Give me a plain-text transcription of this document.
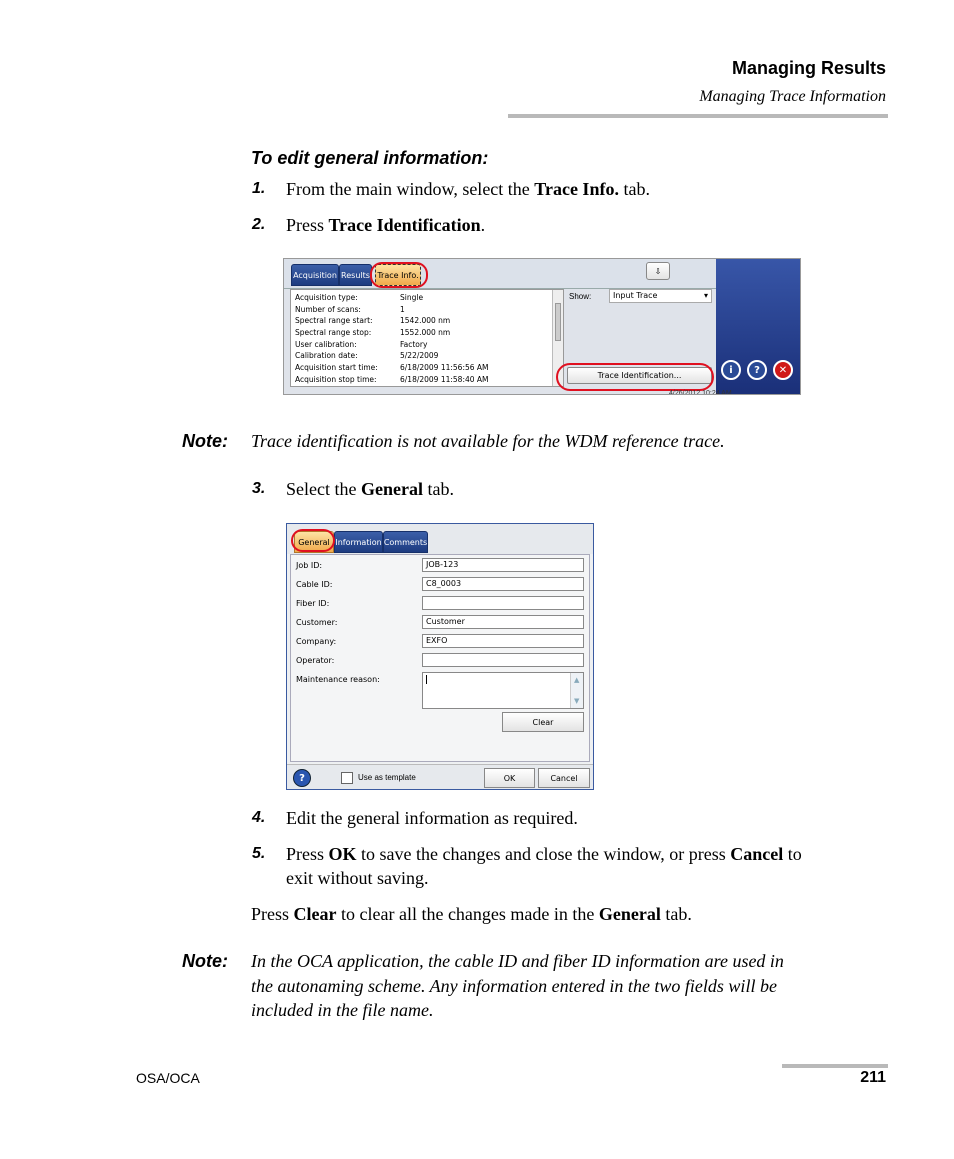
Managing Results
Managing Trace Information
To edit general information:
1. From the main window, select the Trace Info. tab.
2. Press Trace Identification.
Acquisition Results Trace Info.	⇩
Acquisition type:	Single
Number of scans:	1
Spectral range start:	1542.000 nm
Spectral range stop:	1552.000 nm
User calibration:	Factory
Calibration date:	5/22/2009
Acquisition start time:	6/18/2009 11:56:56 AM
Acquisition stop time:	6/18/2009 11:58:40 AM
Show:	Input Trace	▾
Trace Identification...	i ? ✕
4/26/2012 10:24 AM
Note: Trace identification is not available for the WDM reference trace.
3. Select the General tab.
General Information Comments
Job ID:	JOB-123
Cable ID:	C8_0003
Fiber ID:
Customer:	Customer
Company:	EXFO
Operator:
Maintenance reason:	▲
▼
Clear
?	Use as template	OK	Cancel
4. Edit the general information as required.
5. Press OK to save the changes and close the window, or press Cancel to
exit without saving.
Press Clear to clear all the changes made in the General tab.
Note: In the OCA application, the cable ID and fiber ID information are used in
the autonaming scheme. Any information entered in the two fields will be
included in the file name.
OSA/OCA	211
